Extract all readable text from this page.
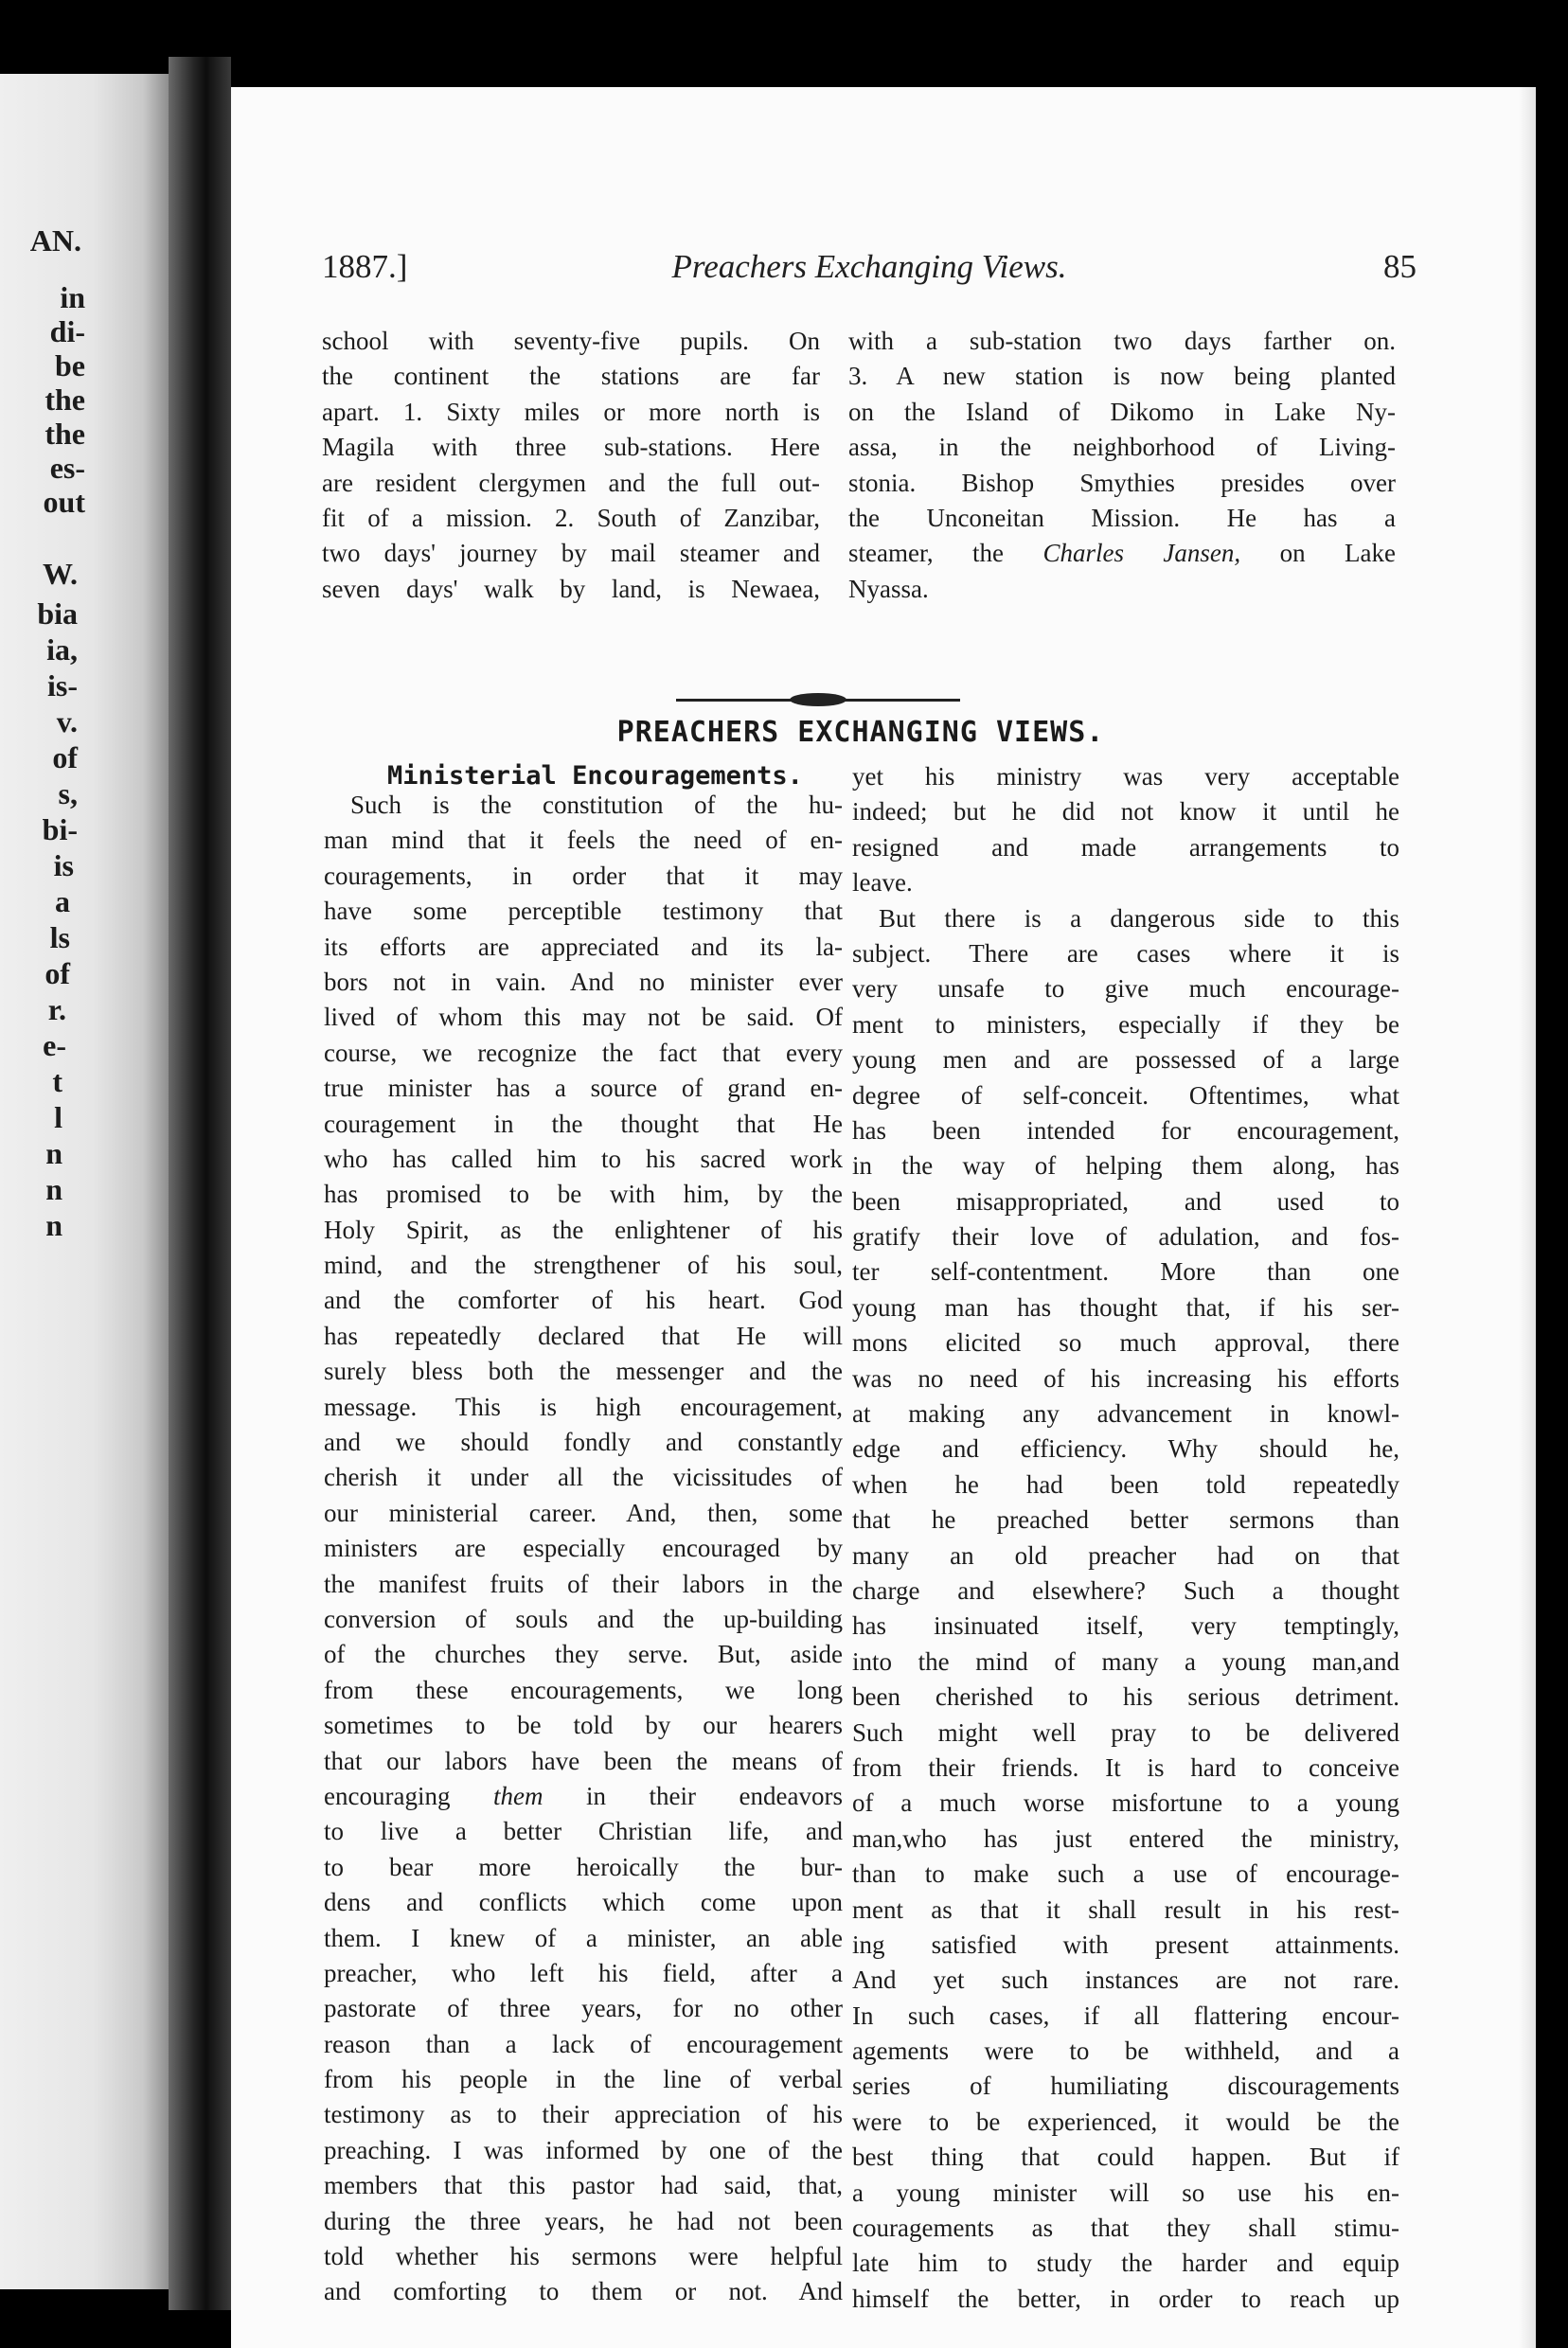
AN.
in
di-
be
the
the
es-
out
W.
bia
ia,
is-
v.
of
s,
bi-
is
a
ls
of
r.
e-
t
l
n
n
n
1887.]	Preachers Exchanging Views.	85
school with seventy-five pupils. On
the continent the stations are far
apart. 1. Sixty miles or more north is
Magila with three sub-stations. Here
are resident clergymen and the full out-
fit of a mission. 2. South of Zanzibar,
two days' journey by mail steamer and
seven days' walk by land, is Newaea,
with a sub-station two days farther on.
3. A new station is now being planted
on the Island of Dikomo in Lake Ny-
assa, in the neighborhood of Living-
stonia. Bishop Smythies presides over
the Unconeitan Mission. He has a
steamer, the Charles Jansen, on Lake
Nyassa.
PREACHERS EXCHANGING VIEWS.
Ministerial Encouragements.
Such is the constitution of the hu-
man mind that it feels the need of en-
couragements, in order that it may
have some perceptible testimony that
its efforts are appreciated and its la-
bors not in vain. And no minister ever
lived of whom this may not be said. Of
course, we recognize the fact that every
true minister has a source of grand en-
couragement in the thought that He
who has called him to his sacred work
has promised to be with him, by the
Holy Spirit, as the enlightener of his
mind, and the strengthener of his soul,
and the comforter of his heart. God
has repeatedly declared that He will
surely bless both the messenger and the
message. This is high encouragement,
and we should fondly and constantly
cherish it under all the vicissitudes of
our ministerial career. And, then, some
ministers are especially encouraged by
the manifest fruits of their labors in the
conversion of souls and the up-building
of the churches they serve. But, aside
from these encouragements, we long
sometimes to be told by our hearers
that our labors have been the means of
encouraging them in their endeavors
to live a better Christian life, and
to bear more heroically the bur-
dens and conflicts which come upon
them. I knew of a minister, an able
preacher, who left his field, after a
pastorate of three years, for no other
reason than a lack of encouragement
from his people in the line of verbal
testimony as to their appreciation of his
preaching. I was informed by one of the
members that this pastor had said, that,
during the three years, he had not been
told whether his sermons were helpful
and comforting to them or not. And
yet his ministry was very acceptable
indeed; but he did not know it until he
resigned and made arrangements to
leave.
But there is a dangerous side to this
subject. There are cases where it is
very unsafe to give much encourage-
ment to ministers, especially if they be
young men and are possessed of a large
degree of self-conceit. Oftentimes, what
has been intended for encouragement,
in the way of helping them along, has
been misappropriated, and used to
gratify their love of adulation, and fos-
ter self-contentment. More than one
young man has thought that, if his ser-
mons elicited so much approval, there
was no need of his increasing his efforts
at making any advancement in knowl-
edge and efficiency. Why should he,
when he had been told repeatedly
that he preached better sermons than
many an old preacher had on that
charge and elsewhere? Such a thought
has insinuated itself, very temptingly,
into the mind of many a young man,and
been cherished to his serious detriment.
Such might well pray to be delivered
from their friends. It is hard to conceive
of a much worse misfortune to a young
man,who has just entered the ministry,
than to make such a use of encourage-
ment as that it shall result in his rest-
ing satisfied with present attainments.
And yet such instances are not rare.
In such cases, if all flattering encour-
agements were to be withheld, and a
series of humiliating discouragements
were to be experienced, it would be the
best thing that could happen. But if
a young minister will so use his en-
couragements as that they shall stimu-
late him to study the harder and equip
himself the better, in order to reach up
